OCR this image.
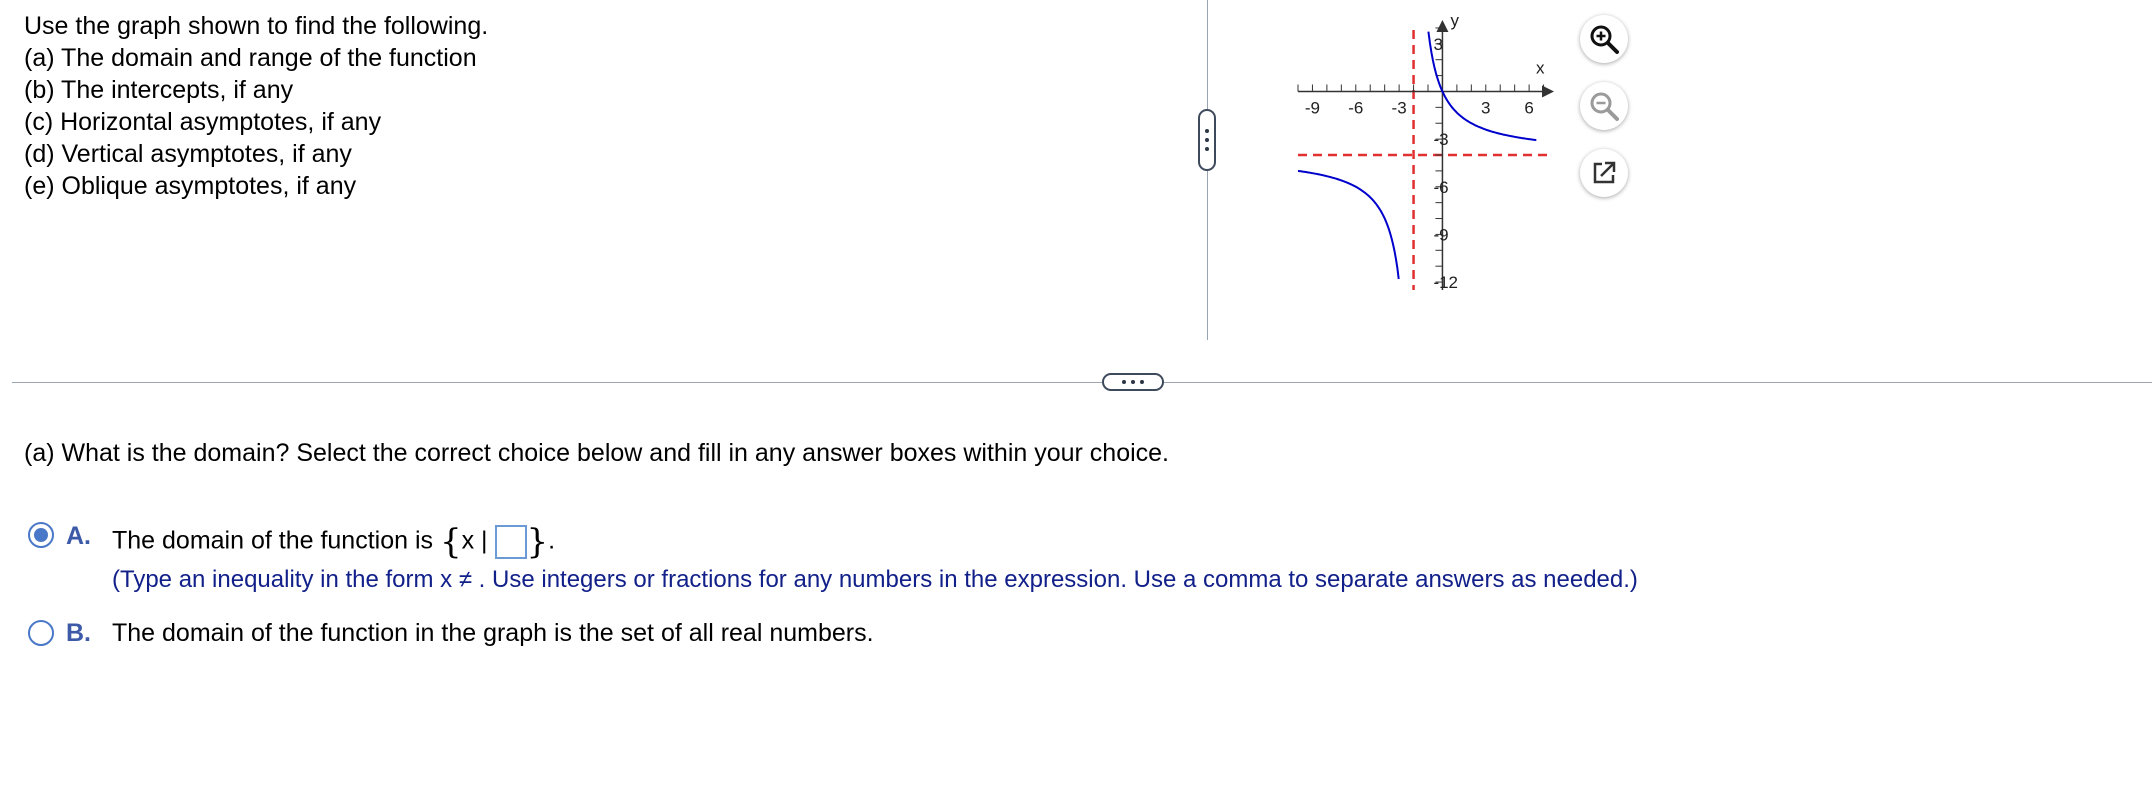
Use the graph shown to find the following.
(a) The domain and range of the function
(b) The intercepts, if any
(c) Horizontal asymptotes, if any
(d) Vertical asymptotes, if any
(e) Oblique asymptotes, if any
-9 -6 -3	3 6
3
-3
-6
-9
-12
x
y
(a) What is the domain? Select the correct choice below and fill in any answer boxes within your choice.
A. The domain of the function is {x | }.
(Type an inequality in the form x ≠ . Use integers or fractions for any numbers in the expression. Use a comma to separate answers as needed.)
B. The domain of the function in the graph is the set of all real numbers.
